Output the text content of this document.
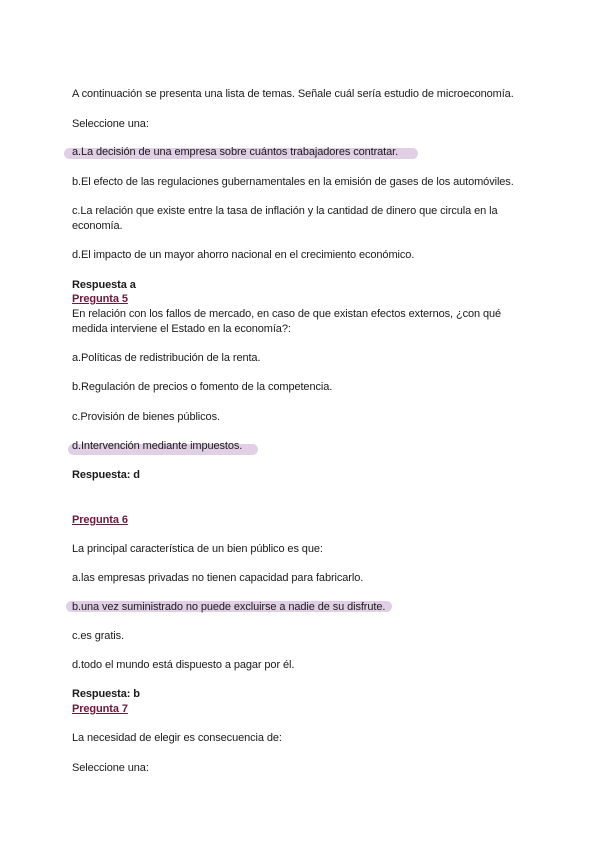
A continuación se presenta una lista de temas. Señale cuál sería estudio de microeconomía.
Seleccione una:
a.La decisión de una empresa sobre cuántos trabajadores contratar.
b.El efecto de las regulaciones gubernamentales en la emisión de gases de los automóviles.
c.La relación que existe entre la tasa de inflación y la cantidad de dinero que circula en la economía.
d.El impacto de un mayor ahorro nacional en el crecimiento económico.
Respuesta a
Pregunta 5
En relación con los fallos de mercado, en caso de que existan efectos externos, ¿con qué medida interviene el Estado en la economía?:
a.Políticas de redistribución de la renta.
b.Regulación de precios o fomento de la competencia.
c.Provisión de bienes públicos.
d.Intervención mediante impuestos.
Respuesta: d
Pregunta 6
La principal característica de un bien público es que:
a.las empresas privadas no tienen capacidad para fabricarlo.
b.una vez suministrado no puede excluirse a nadie de su disfrute.
c.es gratis.
d.todo el mundo está dispuesto a pagar por él.
Respuesta: b
Pregunta 7
La necesidad de elegir es consecuencia de:
Seleccione una:
